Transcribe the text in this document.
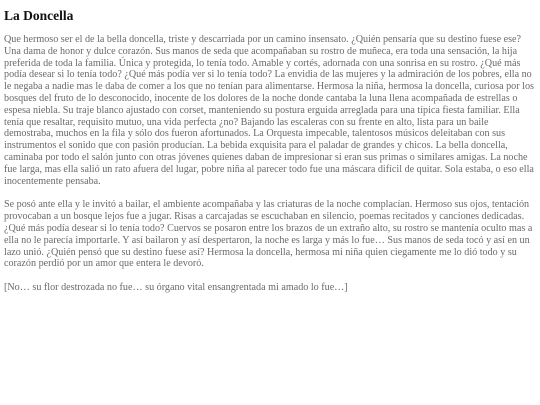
La Doncella

Que hermoso ser el de la bella doncella, triste y descarriada por un camino insensato. ¿Quién pensaría que su destino fuese ese? Una dama de honor y dulce corazón. Sus manos de seda que acompañaban su rostro de muñeca, era toda una sensación, la hija preferida de toda la familia. Única y protegida, lo tenía todo. Amable y cortés, adornada con una sonrisa en su rostro. ¿Qué más podía desear si lo tenía todo? ¿Qué más podía ver si lo tenía todo? La envidia de las mujeres y la admiración de los pobres, ella no le negaba a nadie mas le daba de comer a los que no tenían para alimentarse. Hermosa la niña, hermosa la doncella, curiosa por los bosques del fruto de lo desconocido, inocente de los dolores de la noche donde cantaba la luna llena acompañada de estrellas o espesa niebla. Su traje blanco ajustado con corset, manteniendo su postura erguida arreglada para una típica fiesta familiar. Ella tenía que resaltar, requisito mutuo, una vida perfecta ¿no? Bajando las escaleras con su frente en alto, lista para un baile demostraba, muchos en la fila y sólo dos fueron afortunados. La Orquesta impecable, talentosos músicos deleitaban con sus instrumentos el sonido que con pasión producían. La bebida exquisita para el paladar de grandes y chicos. La bella doncella, caminaba por todo el salón junto con otras jóvenes quienes daban de impresionar si eran sus primas o similares amigas. La noche fue larga, mas ella salió un rato afuera del lugar, pobre niña al parecer todo fue una máscara difícil de quitar. Sola estaba, o eso ella inocentemente pensaba.

Se posó ante ella y le invitó a bailar, el ambiente acompañaba y las criaturas de la noche complacían. Hermoso sus ojos, tentación provocaban a un bosque lejos fue a jugar. Risas a carcajadas se escuchaban en silencio, poemas recitados y canciones dedicadas. ¿Qué más podía desear si lo tenía todo? Cuervos se posaron entre los brazos de un extraño alto, su rostro se mantenía oculto mas a ella no le parecía importarle. Y así bailaron y así despertaron, la noche es larga y más lo fue… Sus manos de seda tocó y así en un lazo unió. ¿Quién pensó que su destino fuese así? Hermosa la doncella, hermosa mi niña quien ciegamente me lo dió todo y su corazón perdió por un amor que entera le devoró.

[No… su flor destrozada no fue… su órgano vital ensangrentada mi amado lo fue…]
